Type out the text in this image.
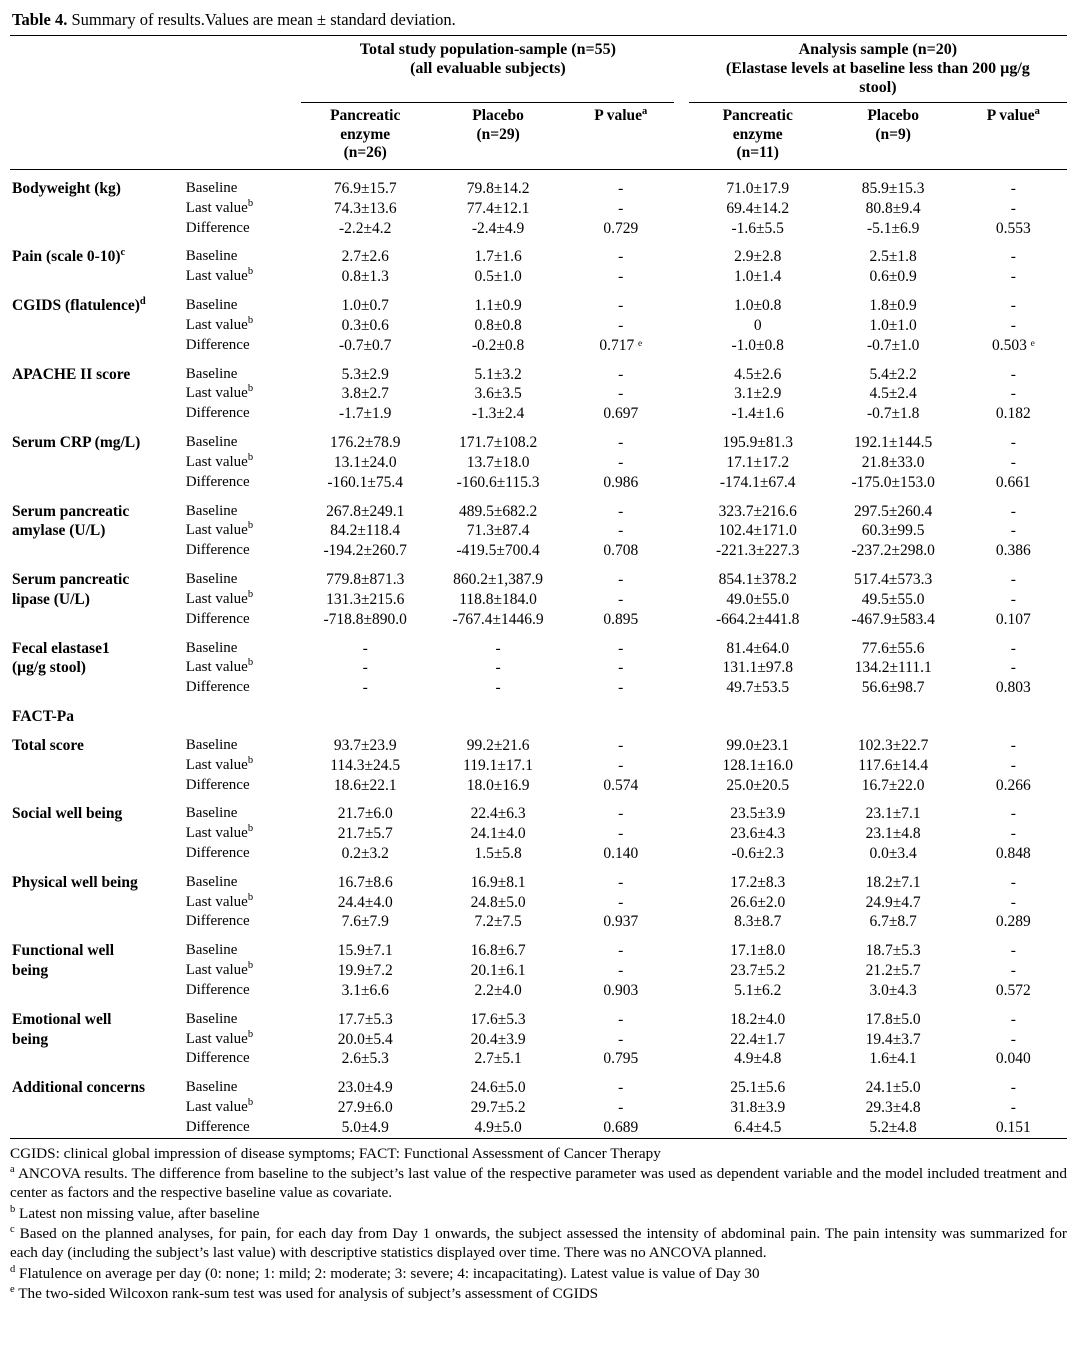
Table 4. Summary of results.Values are mean ± standard deviation.

		Total study population-sample (n=55)
(all evaluable subjects)				Analysis sample (n=20)
(Elastase levels at baseline less than 200 µg/g
stool)		

		Pancreatic
enzyme
(n=26)	Placebo
(n=29)	P value$^a$		Pancreatic
enzyme
(n=11)	Placebo
(n=9)	P value$^a$

Bodyweight (kg)	Baseline	76.9±15.7	79.8±14.2	-		71.0±17.9	85.9±15.3	-
	Last value$^b$	74.3±13.6	77.4±12.1	-		69.4±14.2	80.8±9.4	-
	Difference	-2.2±4.2	-2.4±4.9	0.729		-1.6±5.5	-5.1±6.9	0.553

Pain (scale 0-10)$^c$	Baseline	2.7±2.6	1.7±1.6	-		2.9±2.8	2.5±1.8	-
	Last value$^b$	0.8±1.3	0.5±1.0	-		1.0±1.4	0.6±0.9	-

CGIDS (flatulence)$^d$	Baseline	1.0±0.7	1.1±0.9	-		1.0±0.8	1.8±0.9	-
	Last value$^b$	0.3±0.6	0.8±0.8	-		0	1.0±1.0	-
	Difference	-0.7±0.7	-0.2±0.8	0.717 ᵉ		-1.0±0.8	-0.7±1.0	0.503 ᵉ

APACHE II score	Baseline	5.3±2.9	5.1±3.2	-		4.5±2.6	5.4±2.2	-
	Last value$^b$	3.8±2.7	3.6±3.5	-		3.1±2.9	4.5±2.4	-
	Difference	-1.7±1.9	-1.3±2.4	0.697		-1.4±1.6	-0.7±1.8	0.182

Serum CRP (mg/L)	Baseline	176.2±78.9	171.7±108.2	-		195.9±81.3	192.1±144.5	-
	Last value$^b$	13.1±24.0	13.7±18.0	-		17.1±17.2	21.8±33.0	-
	Difference	-160.1±75.4	-160.6±115.3	0.986		-174.1±67.4	-175.0±153.0	0.661

Serum pancreatic	Baseline	267.8±249.1	489.5±682.2	-		323.7±216.6	297.5±260.4	-
amylase (U/L)	Last value$^b$	84.2±118.4	71.3±87.4	-		102.4±171.0	60.3±99.5	-
	Difference	-194.2±260.7	-419.5±700.4	0.708		-221.3±227.3	-237.2±298.0	0.386

Serum pancreatic	Baseline	779.8±871.3	860.2±1,387.9	-		854.1±378.2	517.4±573.3	-
lipase (U/L)	Last value$^b$	131.3±215.6	118.8±184.0	-		49.0±55.0	49.5±55.0	-
	Difference	-718.8±890.0	-767.4±1446.9	0.895		-664.2±441.8	-467.9±583.4	0.107

Fecal elastase1	Baseline	-	-	-		81.4±64.0	77.6±55.6	-
(µg/g stool)	Last value$^b$	-	-	-		131.1±97.8	134.2±111.1	-
	Difference	-	-	-		49.7±53.5	56.6±98.7	0.803

FACT-Pa								

Total score	Baseline	93.7±23.9	99.2±21.6	-		99.0±23.1	102.3±22.7	-
	Last value$^b$	114.3±24.5	119.1±17.1	-		128.1±16.0	117.6±14.4	-
	Difference	18.6±22.1	18.0±16.9	0.574		25.0±20.5	16.7±22.0	0.266

Social well being	Baseline	21.7±6.0	22.4±6.3	-		23.5±3.9	23.1±7.1	-
	Last value$^b$	21.7±5.7	24.1±4.0	-		23.6±4.3	23.1±4.8	-
	Difference	0.2±3.2	1.5±5.8	0.140		-0.6±2.3	0.0±3.4	0.848

Physical well being	Baseline	16.7±8.6	16.9±8.1	-		17.2±8.3	18.2±7.1	-
	Last value$^b$	24.4±4.0	24.8±5.0	-		26.6±2.0	24.9±4.7	-
	Difference	7.6±7.9	7.2±7.5	0.937		8.3±8.7	6.7±8.7	0.289

Functional well	Baseline	15.9±7.1	16.8±6.7	-		17.1±8.0	18.7±5.3	-
being	Last value$^b$	19.9±7.2	20.1±6.1	-		23.7±5.2	21.2±5.7	-
	Difference	3.1±6.6	2.2±4.0	0.903		5.1±6.2	3.0±4.3	0.572

Emotional well	Baseline	17.7±5.3	17.6±5.3	-		18.2±4.0	17.8±5.0	-
being	Last value$^b$	20.0±5.4	20.4±3.9	-		22.4±1.7	19.4±3.7	-
	Difference	2.6±5.3	2.7±5.1	0.795		4.9±4.8	1.6±4.1	0.040

Additional concerns	Baseline	23.0±4.9	24.6±5.0	-		25.1±5.6	24.1±5.0	-
	Last value$^b$	27.9±6.0	29.7±5.2	-		31.8±3.9	29.3±4.8	-
	Difference	5.0±4.9	4.9±5.0	0.689		6.4±4.5	5.2±4.8	0.151

CGIDS: clinical global impression of disease symptoms; FACT: Functional Assessment of Cancer Therapy

$^a$ ANCOVA results. The difference from baseline to the subject’s last value of the respective parameter was used as dependent variable and the model included treatment and center as factors and the respective baseline value as covariate.

$^b$ Latest non missing value, after baseline

$^c$ Based on the planned analyses, for pain, for each day from Day 1 onwards, the subject assessed the intensity of abdominal pain. The pain intensity was summarized for each day (including the subject’s last value) with descriptive statistics displayed over time. There was no ANCOVA planned.

$^d$ Flatulence on average per day (0: none; 1: mild; 2: moderate; 3: severe; 4: incapacitating). Latest value is value of Day 30

$^e$ The two-sided Wilcoxon rank-sum test was used for analysis of subject’s assessment of CGIDS
